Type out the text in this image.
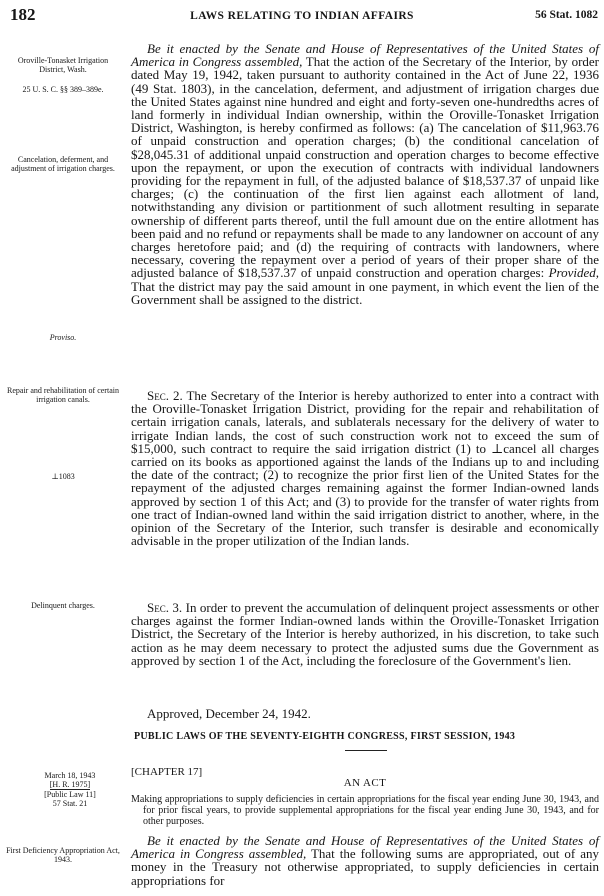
182	LAWS RELATING TO INDIAN AFFAIRS	56 Stat. 1082
Oroville-Tonasket Irrigation District, Wash.
25 U. S. C. §§ 389–389e.
Cancelation, deferment, and adjustment of irrigation charges.
Proviso.
Repair and rehabilitation of certain irrigation canals.
⊥1083
Delinquent charges.
First Deficiency Appropriation Act, 1943.

Be it enacted by the Senate and House of Representatives of the United States of America in Congress assembled, That the action of the Secretary of the Interior, by order dated May 19, 1942, taken pursuant to authority contained in the Act of June 22, 1936 (49 Stat. 1803), in the cancelation, deferment, and adjustment of irrigation charges due the United States against nine hundred and eight and forty-seven one-hundredths acres of land formerly in individual Indian ownership, within the Oroville-Tonasket Irrigation District, Washington, is hereby confirmed as follows: (a) The cancelation of $11,963.76 of unpaid construction and operation charges; (b) the conditional cancelation of $28,045.31 of additional unpaid construction and operation charges to become effective upon the repayment, or upon the execution of contracts with individual landowners providing for the repayment in full, of the adjusted balance of $18,537.37 of unpaid like charges; (c) the continuation of the first lien against each allotment of land, notwithstanding any division or partitionment of such allotment resulting in separate ownership of different parts thereof, until the full amount due on the entire allotment has been paid and no refund or repayments shall be made to any landowner on account of any charges heretofore paid; and (d) the requiring of contracts with landowners, where necessary, covering the repayment over a period of years of their proper share of the adjusted balance of $18,537.37 of unpaid construction and operation charges: Provided, That the district may pay the said amount in one payment, in which event the lien of the Government shall be assigned to the district.

Sec. 2. The Secretary of the Interior is hereby authorized to enter into a contract with the Oroville-Tonasket Irrigation District, providing for the repair and rehabilitation of certain irrigation canals, laterals, and sublaterals necessary for the delivery of water to irrigate Indian lands, the cost of such construction work not to exceed the sum of $15,000, such contract to require the said irrigation district (1) to ⊥cancel all charges carried on its books as apportioned against the lands of the Indians up to and including the date of the contract; (2) to recognize the prior first lien of the United States for the repayment of the adjusted charges remaining against the former Indian-owned lands approved by section 1 of this Act; and (3) to provide for the transfer of water rights from one tract of Indian-owned land within the said irrigation district to another, where, in the opinion of the Secretary of the Interior, such transfer is desirable and economically advisable in the proper utilization of the Indian lands.

Sec. 3. In order to prevent the accumulation of delinquent project assessments or other charges against the former Indian-owned lands within the Oroville-Tonasket Irrigation District, the Secretary of the Interior is hereby authorized, in his discretion, to take such action as he may deem necessary to protect the adjusted sums due the Government as approved by section 1 of the Act, including the foreclosure of the Government's lien.

Approved, December 24, 1942.
PUBLIC LAWS OF THE SEVENTY-EIGHTH CONGRESS, FIRST SESSION, 1943
[CHAPTER 17]
AN ACT

Making appropriations to supply deficiencies in certain appropriations for the fiscal year ending June 30, 1943, and for prior fiscal years, to provide supplemental appropriations for the fiscal year ending June 30, 1943, and for other purposes.

March 18, 1943
[H. R. 1975]
[Public Law 11]
57 Stat. 21

Be it enacted by the Senate and House of Representatives of the United States of America in Congress assembled, That the following sums are appropriated, out of any money in the Treasury not otherwise appropriated, to supply deficiencies in certain appropriations for
